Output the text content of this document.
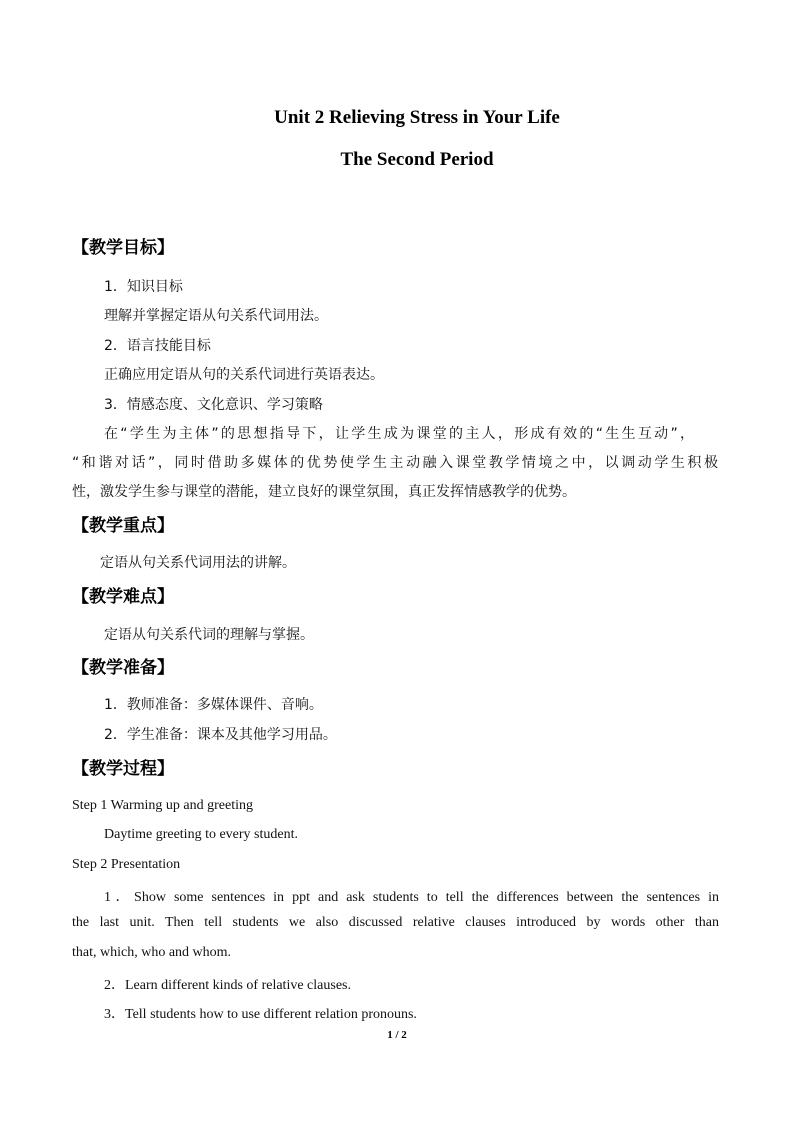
Unit 2 Relieving Stress in Your Life
The Second Period
【教学目标】
1．知识目标
理解并掌握定语从句关系代词用法。
2．语言技能目标
正确应用定语从句的关系代词进行英语表达。
3．情感态度、文化意识、学习策略
在“学生为主体”的思想指导下，让学生成为课堂的主人，形成有效的“生生互动”，
“和谐对话”，同时借助多媒体的优势使学生主动融入课堂教学情境之中，以调动学生积极
性，激发学生参与课堂的潜能，建立良好的课堂氛围，真正发挥情感教学的优势。
【教学重点】
定语从句关系代词用法的讲解。
【教学难点】
定语从句关系代词的理解与掌握。
【教学准备】
1．教师准备：多媒体课件、音响。
2．学生准备：课本及其他学习用品。
【教学过程】
Step 1 Warming up and greeting
Daytime greeting to every student.
Step 2 Presentation
1．Show some sentences in ppt and ask students to tell the differences between the sentences in
the last unit. Then tell students we also discussed relative clauses introduced by words other than
that, which, who and whom.
2．Learn different kinds of relative clauses.
3．Tell students how to use different relation pronouns.
1 / 2
